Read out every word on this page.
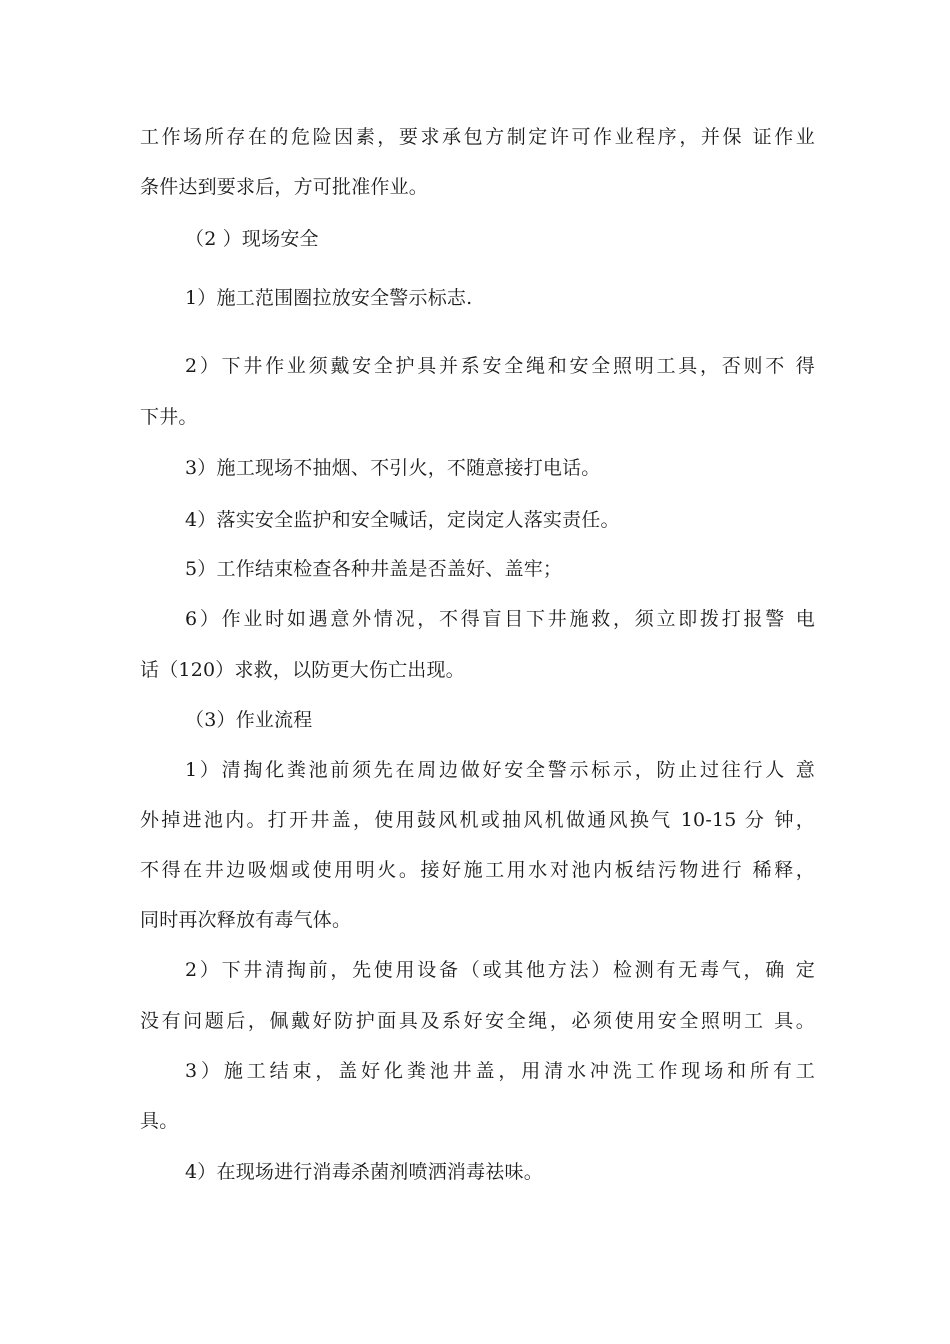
工作场所存在的危险因素，要求承包方制定许可作业程序，并保 证作业
条件达到要求后，方可批准作业。
（2 ）现场安全
1）施工范围圈拉放安全警示标志.
2）下井作业须戴安全护具并系安全绳和安全照明工具，否则不 得
下井。
3）施工现场不抽烟、不引火，不随意接打电话。
4）落实安全监护和安全喊话，定岗定人落实责任。
5）工作结束检查各种井盖是否盖好、盖牢；
6）作业时如遇意外情况，不得盲目下井施救，须立即拨打报警 电
话（120）求救，以防更大伤亡出现。
（3）作业流程
1）清掏化粪池前须先在周边做好安全警示标示，防止过往行人 意
外掉进池内。打开井盖，使用鼓风机或抽风机做通风换气 10-15 分 钟，
不得在井边吸烟或使用明火。接好施工用水对池内板结污物进行 稀释，
同时再次释放有毒气体。
2）下井清掏前，先使用设备（或其他方法）检测有无毒气，确 定
没有问题后，佩戴好防护面具及系好安全绳，必须使用安全照明工 具。
3）施工结束，盖好化粪池井盖，用清水冲洗工作现场和所有工
具。
4）在现场进行消毒杀菌剂喷洒消毒祛味。
